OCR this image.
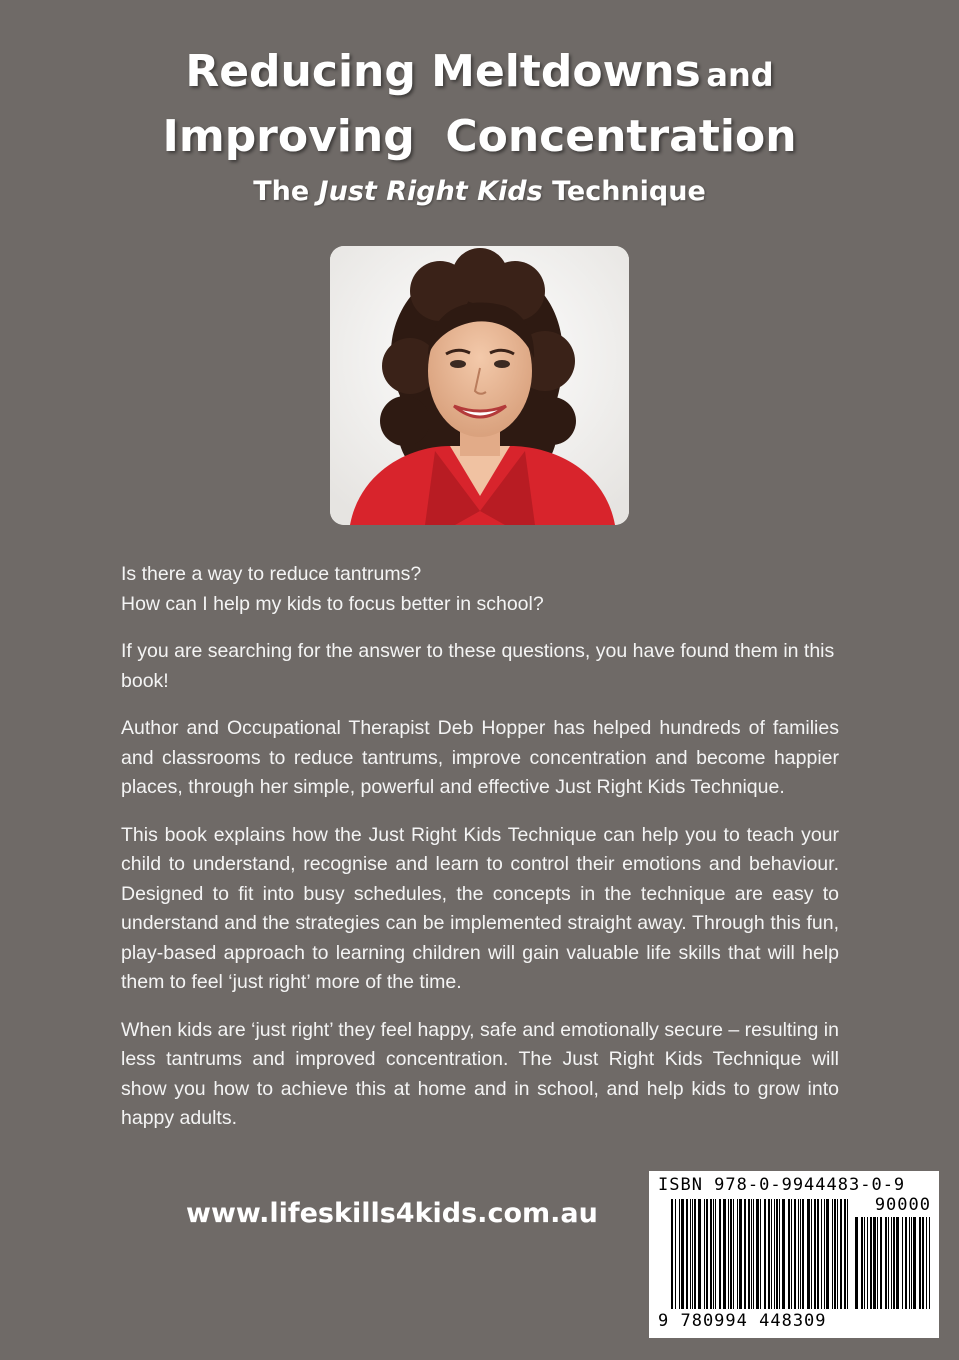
Reducing Meltdowns and
Improving  Concentration
The Just Right Kids Technique

Is there a way to reduce tantrums?
How can I help my kids to focus better in school?

If you are searching for the answer to these questions, you have found them in this book!

Author and Occupational Therapist Deb Hopper has helped hundreds of families and classrooms to reduce tantrums, improve concentration and become happier places, through her simple, powerful and effective Just Right Kids Technique.

This book explains how the Just Right Kids Technique can help you to teach your child to understand, recognise and learn to control their emotions and behaviour. Designed to fit into busy schedules, the concepts in the technique are easy to understand and the strategies can be implemented straight away. Through this fun, play-based approach to learning children will gain valuable life skills that will help them to feel ‘just right’ more of the time.

When kids are ‘just right’ they feel happy, safe and emotionally secure – resulting in less tantrums and improved concentration. The Just Right Kids Technique will show you how to achieve this at home and in school, and help kids to grow into happy adults.

www.lifeskills4kids.com.au
ISBN 978-0-9944483-0-9
90000
9 780994 448309
